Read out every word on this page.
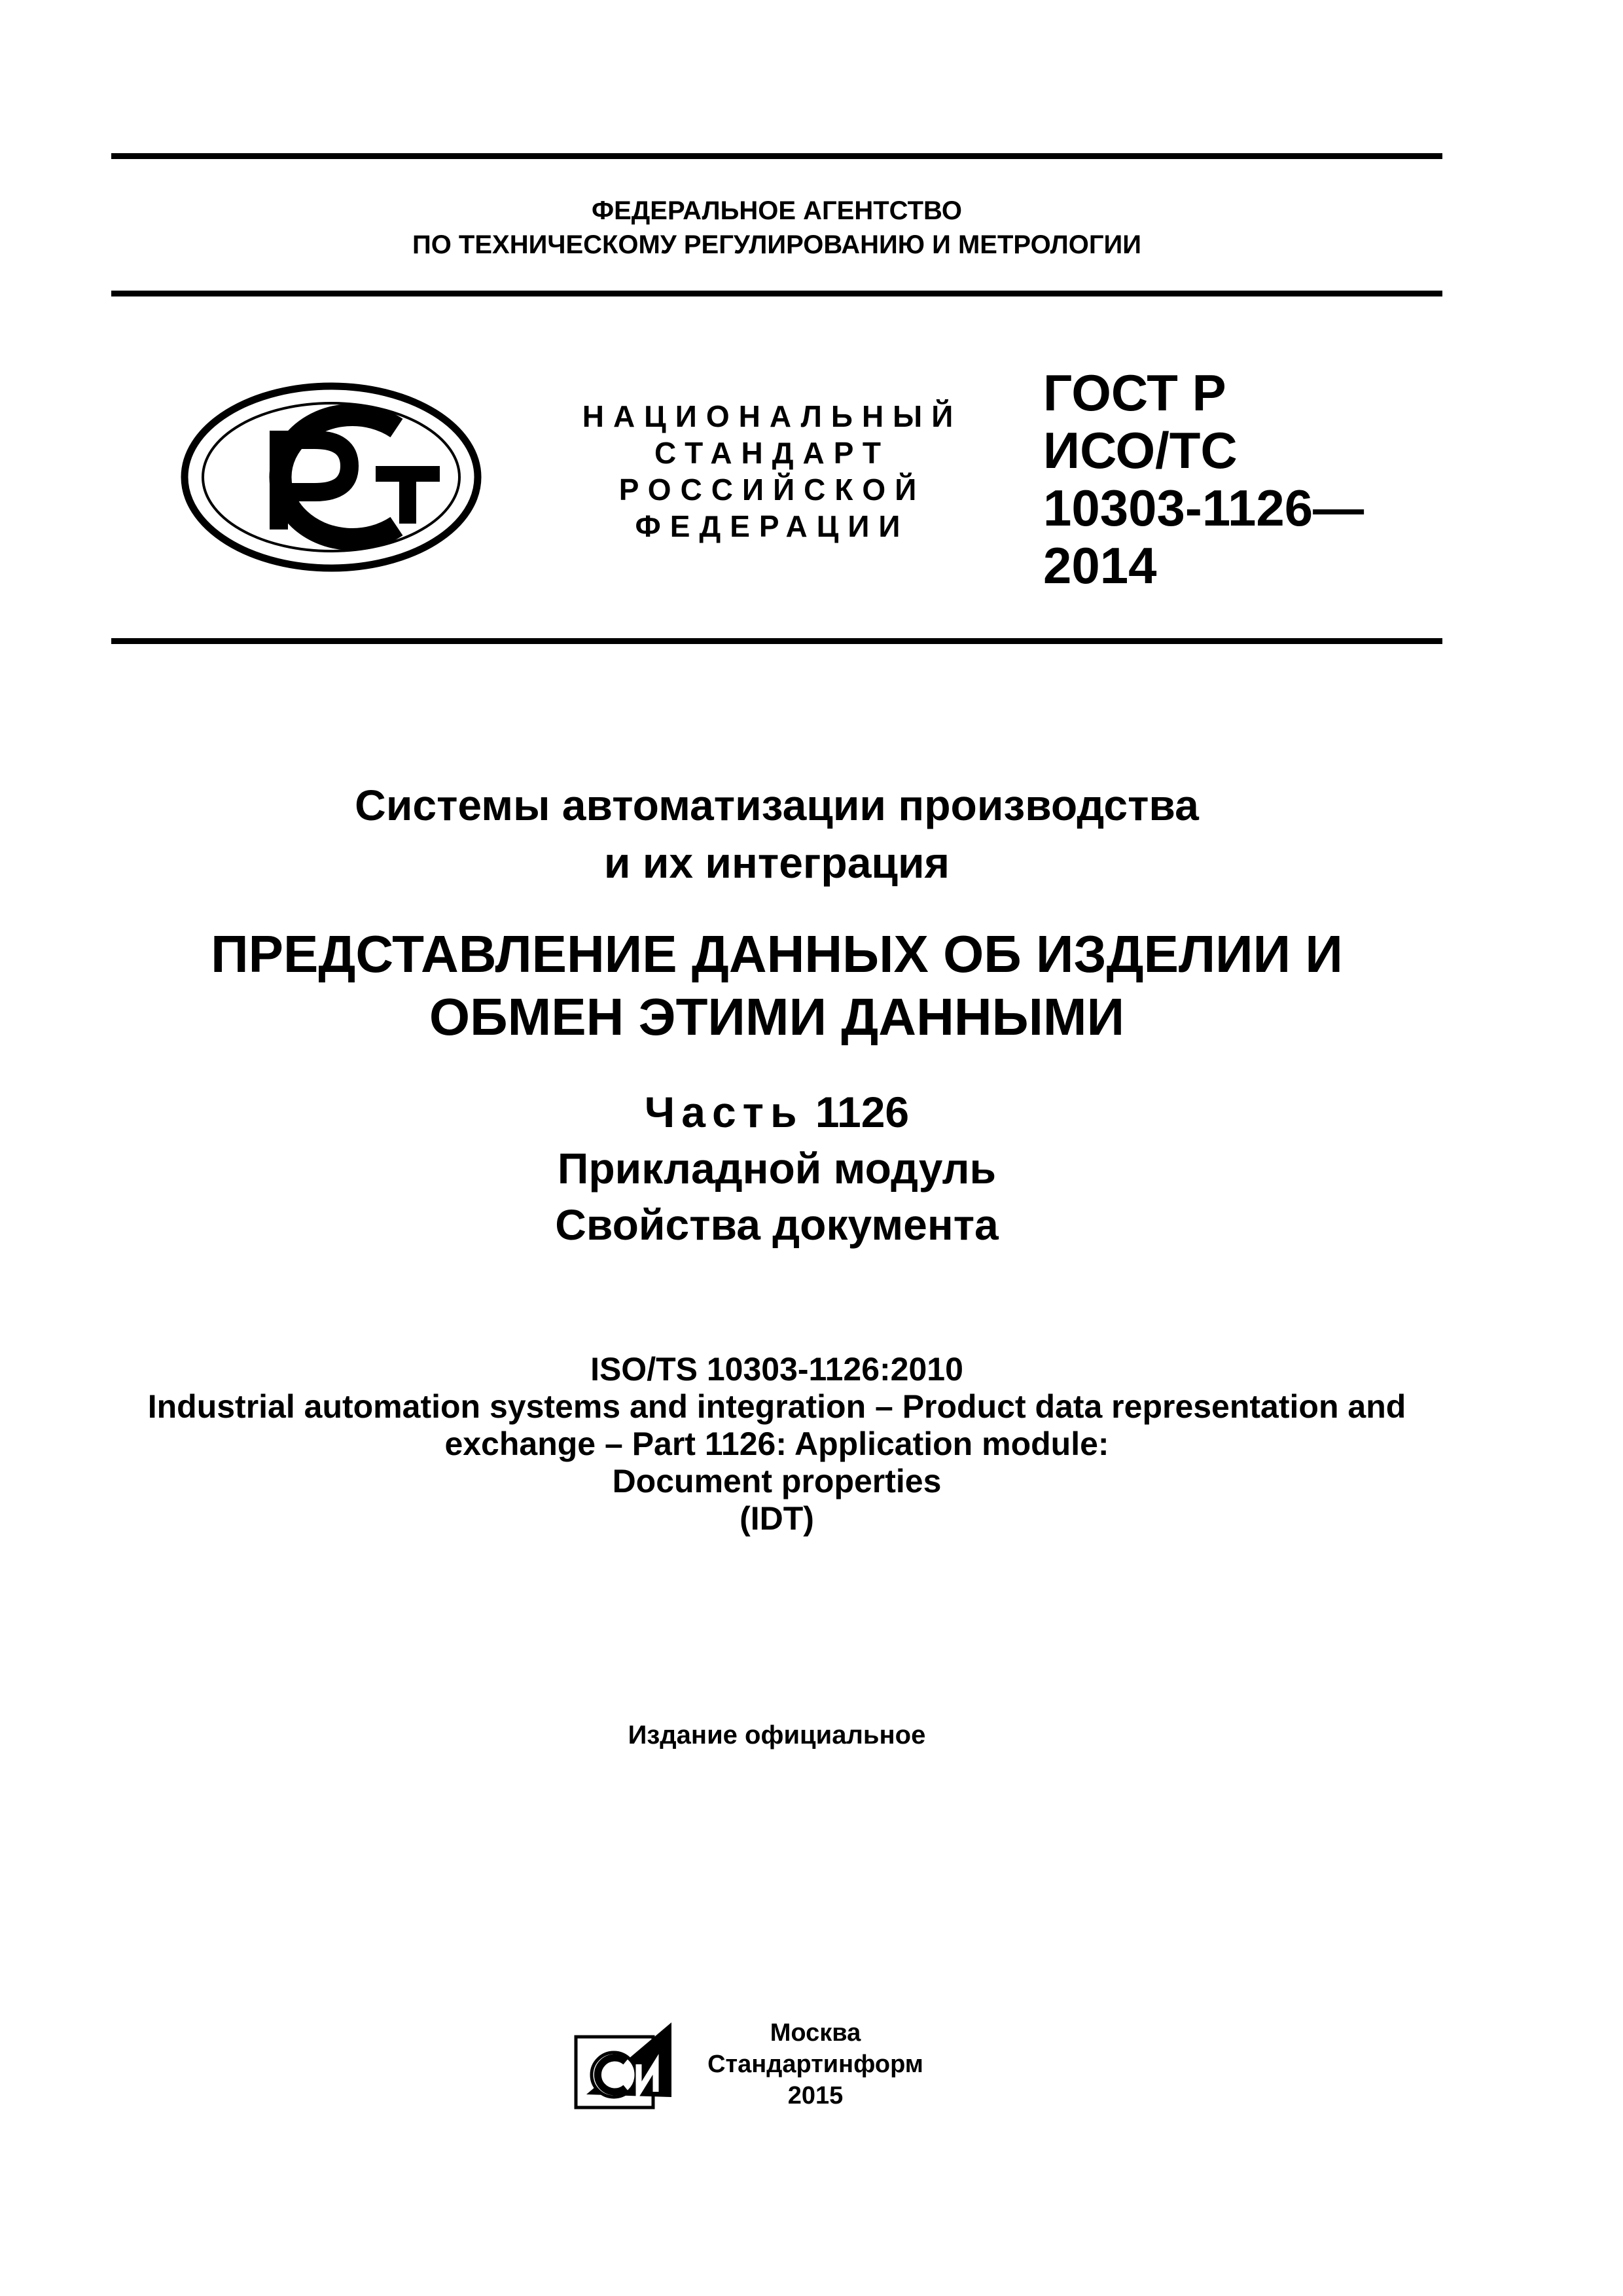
ФЕДЕРАЛЬНОЕ АГЕНТСТВО
ПО ТЕХНИЧЕСКОМУ РЕГУЛИРОВАНИЮ И МЕТРОЛОГИИ
РСТ
НАЦИОНАЛЬНЫЙ
СТАНДАРТ
РОССИЙСКОЙ
ФЕДЕРАЦИИ
ГОСТ Р
ИСО/ТС
10303-1126—
2014
Системы автоматизации производства
и их интеграция
ПРЕДСТАВЛЕНИЕ ДАННЫХ ОБ ИЗДЕЛИИ И
ОБМЕН ЭТИМИ ДАННЫМИ
Часть 1126
Прикладной модуль
Свойства документа
ISO/TS 10303-1126:2010
Industrial automation systems and integration – Product data representation and
exchange – Part 1126: Application module:
Document properties
(IDT)
Издание официальное
СИ
Москва
Стандартинформ
2015
